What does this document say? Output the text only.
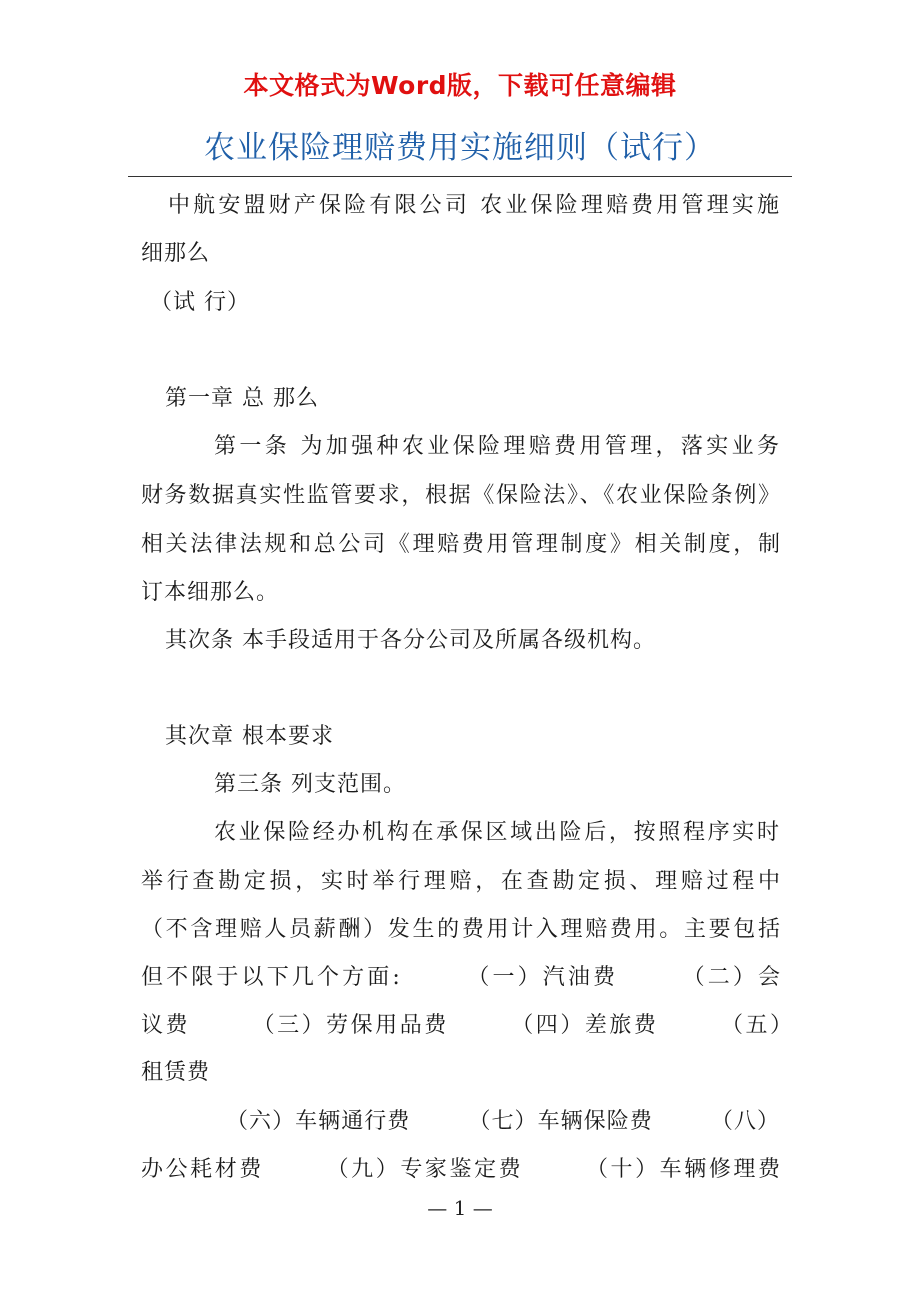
本文格式为Word版，下载可任意编辑
农业保险理赔费用实施细则（试行）
中航安盟财产保险有限公司 农业保险理赔费用管理实施
细那么
（试 行）
第一章 总 那么
第一条 为加强种农业保险理赔费用管理，落实业务
财务数据真实性监管要求，根据《保险法》、《农业保险条例》
相关法律法规和总公司《理赔费用管理制度》相关制度，制
订本细那么。
其次条 本手段适用于各分公司及所属各级机构。
其次章 根本要求
第三条 列支范围。
农业保险经办机构在承保区域出险后，按照程序实时
举行查勘定损，实时举行理赔，在查勘定损、理赔过程中
（不含理赔人员薪酬）发生的费用计入理赔费用。主要包括
但不限于以下几个方面:　　　（一）汽油费　　　（二）会
议费　　　（三）劳保用品费　　　（四）差旅费　　　（五）
租赁费
（六）车辆通行费　　　（七）车辆保险费　　　（八）
办公耗材费　　　（九）专家鉴定费　　　（十）车辆修理费
— 1 —
